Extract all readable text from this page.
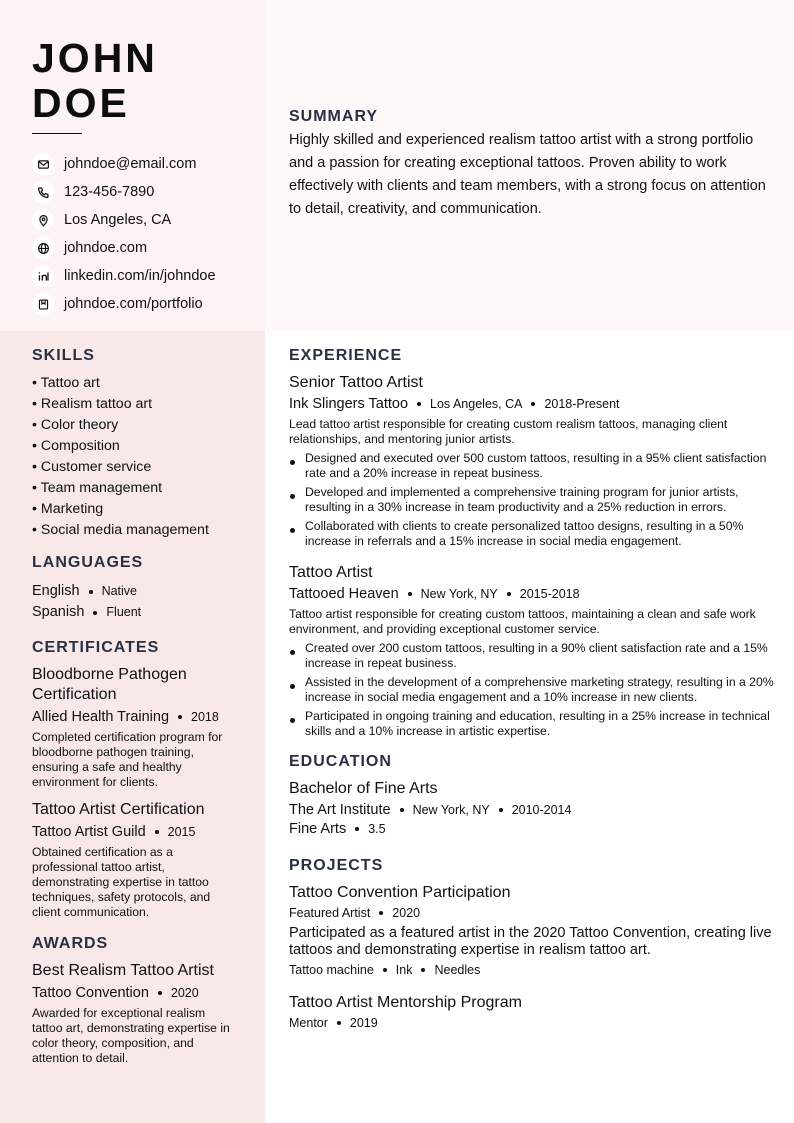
JOHN
DOE
johndoe@email.com
123-456-7890
Los Angeles, CA
johndoe.com
linkedin.com/in/johndoe
johndoe.com/portfolio
SUMMARY

Highly skilled and experienced realism tattoo artist with a strong portfolio and a passion for creating exceptional tattoos. Proven ability to work effectively with clients and team members, with a strong focus on attention to detail, creativity, and communication.

SKILLS
• Tattoo art
• Realism tattoo art
• Color theory
• Composition
• Customer service
• Team management
• Marketing
• Social media management
LANGUAGES
English Native
Spanish Fluent
CERTIFICATES
Bloodborne Pathogen Certification
Allied Health Training 2018
Completed certification program for bloodborne pathogen training, ensuring a safe and healthy environment for clients.
Tattoo Artist Certification
Tattoo Artist Guild 2015
Obtained certification as a professional tattoo artist, demonstrating expertise in tattoo techniques, safety protocols, and client communication.
AWARDS
Best Realism Tattoo Artist
Tattoo Convention 2020
Awarded for exceptional realism tattoo art, demonstrating expertise in color theory, composition, and attention to detail.
EXPERIENCE
Senior Tattoo Artist
Ink Slingers Tattoo Los Angeles, CA 2018-Present
Lead tattoo artist responsible for creating custom realism tattoos, managing client relationships, and mentoring junior artists.
Designed and executed over 500 custom tattoos, resulting in a 95% client satisfaction rate and a 20% increase in repeat business.
Developed and implemented a comprehensive training program for junior artists, resulting in a 30% increase in team productivity and a 25% reduction in errors.
Collaborated with clients to create personalized tattoo designs, resulting in a 50% increase in referrals and a 15% increase in social media engagement.
Tattoo Artist
Tattooed Heaven New York, NY 2015-2018
Tattoo artist responsible for creating custom tattoos, maintaining a clean and safe work environment, and providing exceptional customer service.
Created over 200 custom tattoos, resulting in a 90% client satisfaction rate and a 15% increase in repeat business.
Assisted in the development of a comprehensive marketing strategy, resulting in a 20% increase in social media engagement and a 10% increase in new clients.
Participated in ongoing training and education, resulting in a 25% increase in technical skills and a 10% increase in artistic expertise.
EDUCATION
Bachelor of Fine Arts
The Art Institute New York, NY 2010-2014
Fine Arts 3.5
PROJECTS
Tattoo Convention Participation
Featured Artist 2020
Participated as a featured artist in the 2020 Tattoo Convention, creating live tattoos and demonstrating expertise in realism tattoo art.
Tattoo machine Ink Needles
Tattoo Artist Mentorship Program
Mentor 2019
